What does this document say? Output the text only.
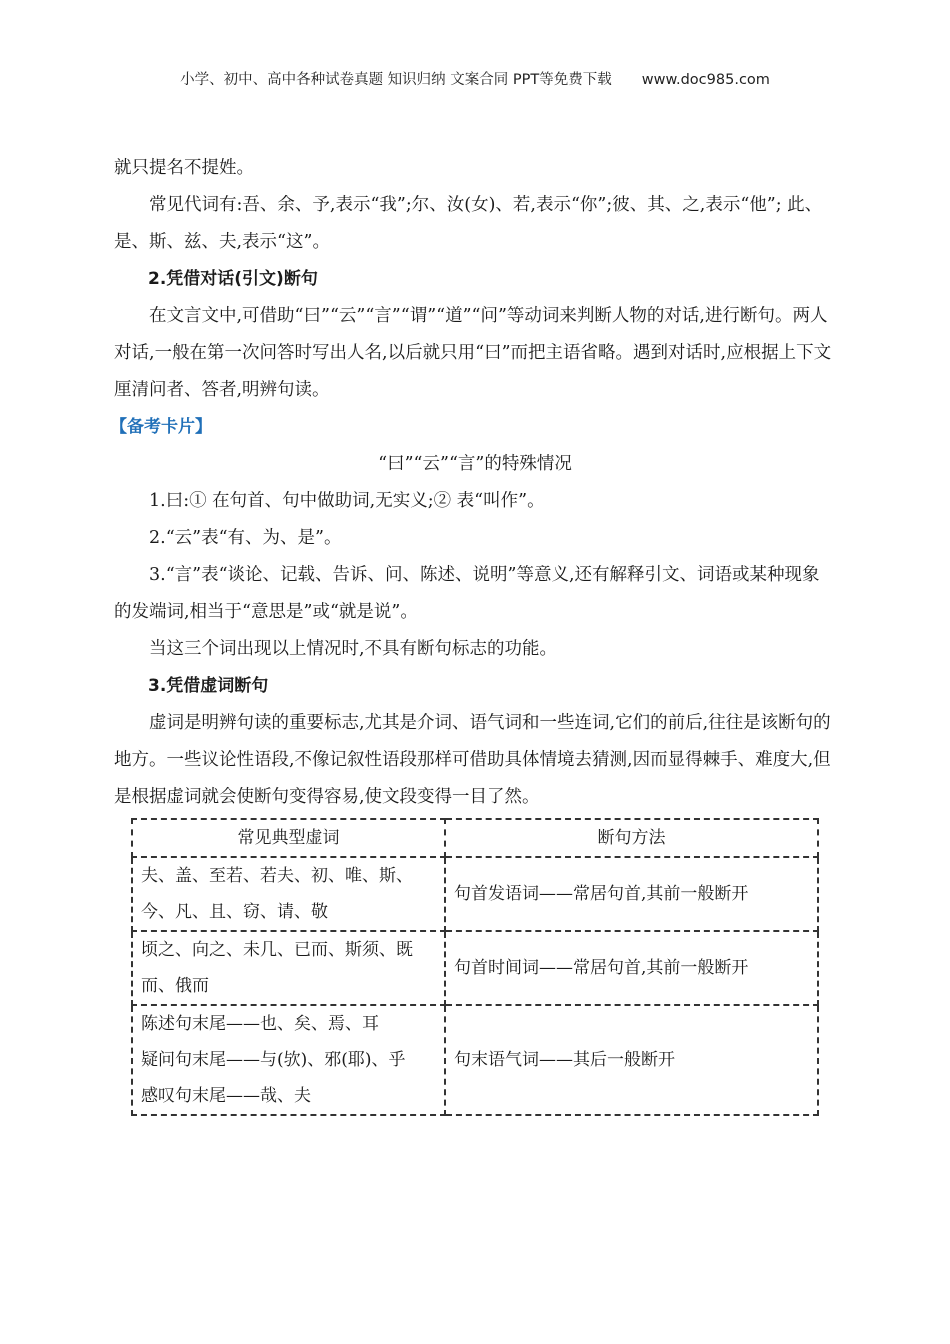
小学、初中、高中各种试卷真题 知识归纳 文案合同 PPT等免费下载 www.doc985.com

就只提名不提姓。

常见代词有:吾、余、予,表示“我”;尔、汝(女)、若,表示“你”;彼、其、之,表示“他”; 此、是、斯、兹、夫,表示“这”。

2.凭借对话(引文)断句

在文言文中,可借助“曰”“云”“言”“谓”“道”“问”等动词来判断人物的对话,进行断句。两人对话,一般在第一次问答时写出人名,以后就只用“曰”而把主语省略。遇到对话时,应根据上下文厘清问者、答者,明辨句读。

【备考卡片】

“曰”“云”“言”的特殊情况

1.曰:① 在句首、句中做助词,无实义;② 表“叫作”。

2.“云”表“有、为、是”。

3.“言”表“谈论、记载、告诉、问、陈述、说明”等意义,还有解释引文、词语或某种现象的发端词,相当于“意思是”或“就是说”。

当这三个词出现以上情况时,不具有断句标志的功能。

3.凭借虚词断句

虚词是明辨句读的重要标志,尤其是介词、语气词和一些连词,它们的前后,往往是该断句的地方。一些议论性语段,不像记叙性语段那样可借助具体情境去猜测,因而显得棘手、难度大,但是根据虚词就会使断句变得容易,使文段变得一目了然。

常见典型虚词	断句方法

夫、盖、至若、若夫、初、唯、斯、今、凡、且、窃、请、敬	句首发语词——常居句首,其前一般断开

顷之、向之、未几、已而、斯须、既而、俄而	句首时间词——常居句首,其前一般断开

陈述句末尾——也、矣、焉、耳
疑问句末尾——与(欤)、邪(耶)、乎
感叹句末尾——哉、夫	句末语气词——其后一般断开
